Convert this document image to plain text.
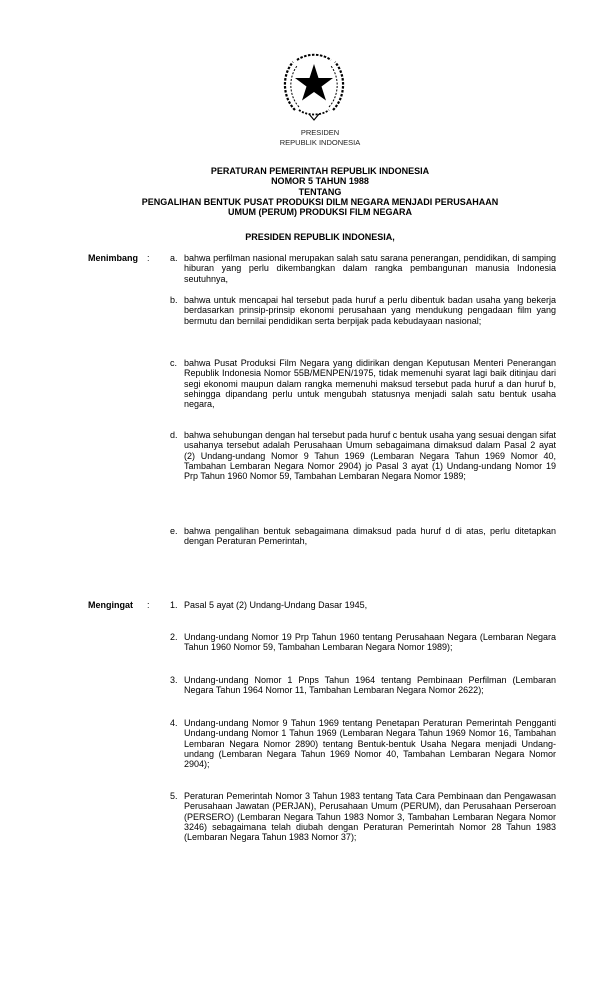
PRESIDEN
REPUBLIK INDONESIA
PERATURAN PEMERINTAH REPUBLIK INDONESIA
NOMOR 5 TAHUN 1988
TENTANG
PENGALIHAN BENTUK PUSAT PRODUKSI DILM NEGARA MENJADI PERUSAHAAN
UMUM (PERUM) PRODUKSI FILM NEGARA
PRESIDEN REPUBLIK INDONESIA,
Menimbang : a. bahwa perfilman nasional merupakan salah satu sarana penerangan, pendidikan, di samping hiburan yang perlu dikembangkan dalam rangka pembangunan manusia Indonesia seutuhnya,
b. bahwa untuk mencapai hal tersebut pada huruf a perlu dibentuk badan usaha yang bekerja berdasarkan prinsip-prinsip ekonomi perusahaan yang mendukung pengadaan film yang bermutu dan bernilai pendidikan serta berpijak pada kebudayaan nasional;
c. bahwa Pusat Produksi Film Negara yang didirikan dengan Keputusan Menteri Penerangan Republik Indonesia Nomor 55B/MENPEN/1975, tidak memenuhi syarat lagi baik ditinjau dari segi ekonomi maupun dalam rangka memenuhi maksud tersebut pada huruf a dan huruf b, sehingga dipandang perlu untuk mengubah statusnya menjadi salah satu bentuk usaha negara,
d. bahwa sehubungan dengan hal tersebut pada huruf c bentuk usaha yang sesuai dengan sifat usahanya tersebut adalah Perusahaan Umum sebagaimana dimaksud dalam Pasal 2 ayat (2) Undang-undang Nomor 9 Tahun 1969 (Lembaran Negara Tahun 1969 Nomor 40, Tambahan Lembaran Negara Nomor 2904) jo Pasal 3 ayat (1) Undang-undang Nomor 19 Prp Tahun 1960 Nomor 59, Tambahan Lembaran Negara Nomor 1989;
e. bahwa pengalihan bentuk sebagaimana dimaksud pada huruf d di atas, perlu ditetapkan dengan Peraturan Pemerintah,
Mengingat : 1. Pasal 5 ayat (2) Undang-Undang Dasar 1945,
2. Undang-undang Nomor 19 Prp Tahun 1960 tentang Perusahaan Negara (Lembaran Negara Tahun 1960 Nomor 59, Tambahan Lembaran Negara Nomor 1989);
3. Undang-undang Nomor 1 Pnps Tahun 1964 tentang Pembinaan Perfilman (Lembaran Negara Tahun 1964 Nomor 11, Tambahan Lembaran Negara Nomor 2622);
4. Undang-undang Nomor 9 Tahun 1969 tentang Penetapan Peraturan Pemerintah Pengganti Undang-undang Nomor 1 Tahun 1969 (Lembaran Negara Tahun 1969 Nomor 16, Tambahan Lembaran Negara Nomor 2890) tentang Bentuk-bentuk Usaha Negara menjadi Undang-undang (Lembaran Negara Tahun 1969 Nomor 40, Tambahan Lembaran Negara Nomor 2904);
5. Peraturan Pemerintah Nomor 3 Tahun 1983 tentang Tata Cara Pembinaan dan Pengawasan Perusahaan Jawatan (PERJAN), Perusahaan Umum (PERUM), dan Perusahaan Perseroan (PERSERO) (Lembaran Negara Tahun 1983 Nomor 3, Tambahan Lembaran Negara Nomor 3246) sebagaimana telah diubah dengan Peraturan Pemerintah Nomor 28 Tahun 1983 (Lembaran Negara Tahun 1983 Nomor 37);
